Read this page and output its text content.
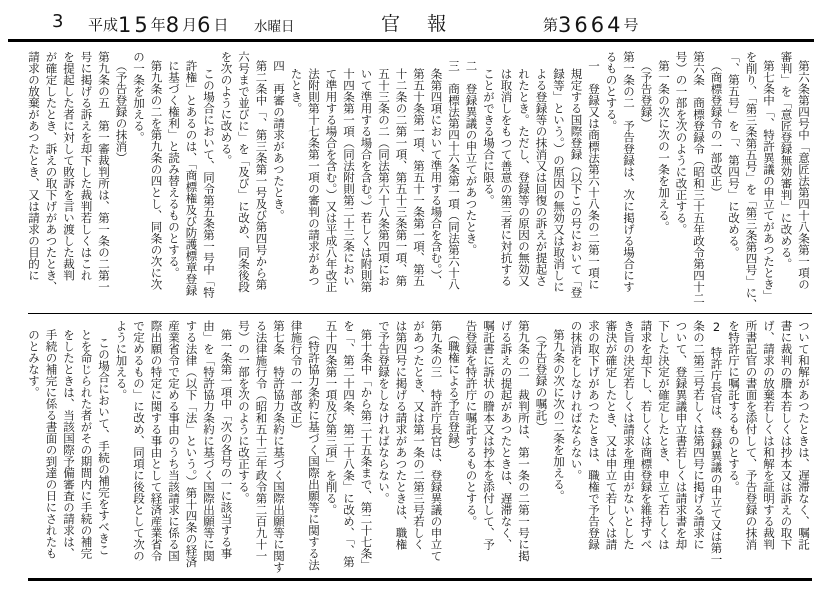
3 平成15年8月6日 水曜日	官報	第3664号
第六条第四号中「意匠法第四十八条第一項の
審判」を「意匠登録無効審判」に改める。
第七条中「、特許異議の申立てがあつたとき」
を削り、「第三条第五号」を「第三条第四号」に、
「、第五号」を「、第四号」に改める。
（商標登録令の一部改正）
第六条　商標登録令（昭和三十五年政令第四十二
号）の一部を次のように改正する。
第一条の次に次の一条を加える。
（予告登録）
第一条の二　予告登録は、次に掲げる場合にす
るものとする。
一　登録又は商標法第六十八条の二第一項に
規定する国際登録（以下この号において「登
録等」という。）の原因の無効又は取消しに
よる登録等の抹消又は回復の訴えが提起さ
れたとき。ただし、登録等の原因の無効又
は取消しをもつて善意の第三者に対抗する
ことができる場合に限る。
二　登録異議の申立てがあつたとき。
三　商標法第四十六条第一項（同法第六十八
条第四項において準用する場合を含む。）、
第五十条第一項、第五十一条第一項、第五
十二条の二第一項、第五十三条第一項、第
五十三条の二（同法第六十八条第四項にお
いて準用する場合を含む。）若しくは附則第
十四条第一項（同法附則第二十三条におい
て準用する場合を含む。）又は平成八年改正
法附則第十七条第一項の審判の請求があつ
たとき。
四　再審の請求があつたとき。
第二条中「、第三条第一号及び第四号から第
六号まで並びに」を「及び」に改め、同条後段
を次のように改める。
この場合において、同令第五条第一号中「特
許権」とあるのは、「商標権及び防護標章登録
に基づく権利」と読み替えるものとする。
第九条の二を第九条の四とし、同条の次に次
の一条を加える。
（予告登録の抹消）
第九条の五　第一審裁判所は、第一条の二第一
号に掲げる訴えを却下した裁判若しくはこれ
を提起した者に対して敗訴を言い渡した裁判
が確定したとき、訴えの取下げがあつたとき、
請求の放棄があつたとき、又は請求の目的に
ついて和解があつたときは、遅滞なく、嘱託
書に裁判の謄本若しくは抄本又は訴えの取下
げ、請求の放棄若しくは和解を証明する裁判
所書記官の書面を添付して、予告登録の抹消
を特許庁に嘱託するものとする。
2　特許庁長官は、登録異議の申立て又は第一
条の二第三号若しくは第四号に掲げる請求に
ついて、登録異議申立書若しくは請求書を却
下した決定が確定したとき、申立て若しくは
請求を却下し、若しくは商標登録を維持すべ
き旨の決定若しくは請求を理由がないとした
審決が確定したとき、又は申立て若しくは請
求の取下げがあつたときは、職権で予告登録
の抹消をしなければならない。
第九条の次に次の二条を加える。
（予告登録の嘱託）
第九条の二　裁判所は、第一条の二第一号に掲
げる訴えの提起があつたときは、遅滞なく、
嘱託書に訴状の謄本又は抄本を添付して、予
告登録を特許庁に嘱託するものとする。
（職権による予告登録）
第九条の三　特許庁長官は、登録異議の申立て
があつたとき、又は第一条の二第三号若しく
は第四号に掲げる請求があつたときは、職権
で予告登録をしなければならない。
第十条中「から第二十五条まで、第二十七条」
を「、第二十四条、第二十八条」に改め、「、第
五十四条第一項及び第三項」を削る。
（特許協力条約に基づく国際出願等に関する法
律施行令の一部改正）
第七条　特許協力条約に基づく国際出願等に関す
る法律施行令（昭和五十三年政令第二百九十一
号）の一部を次のように改正する。
第一条第一項中「次の各号の一に該当する事
由」を「特許協力条約に基づく国際出願等に関
する法律（以下「法」という。）第十四条の経済
産業省令で定める事由のうち当該請求に係る国
際出願の特定に関する事由として経済産業省令
で定めるもの」に改め、同項に後段として次の
ように加える。
この場合において、手続の補完をすべきこ
とを命じられた者がその期間内に手続の補完
をしたときは、当該国際予備審査の請求は、
手続の補完に係る書面の到達の日にされたも
のとみなす。
